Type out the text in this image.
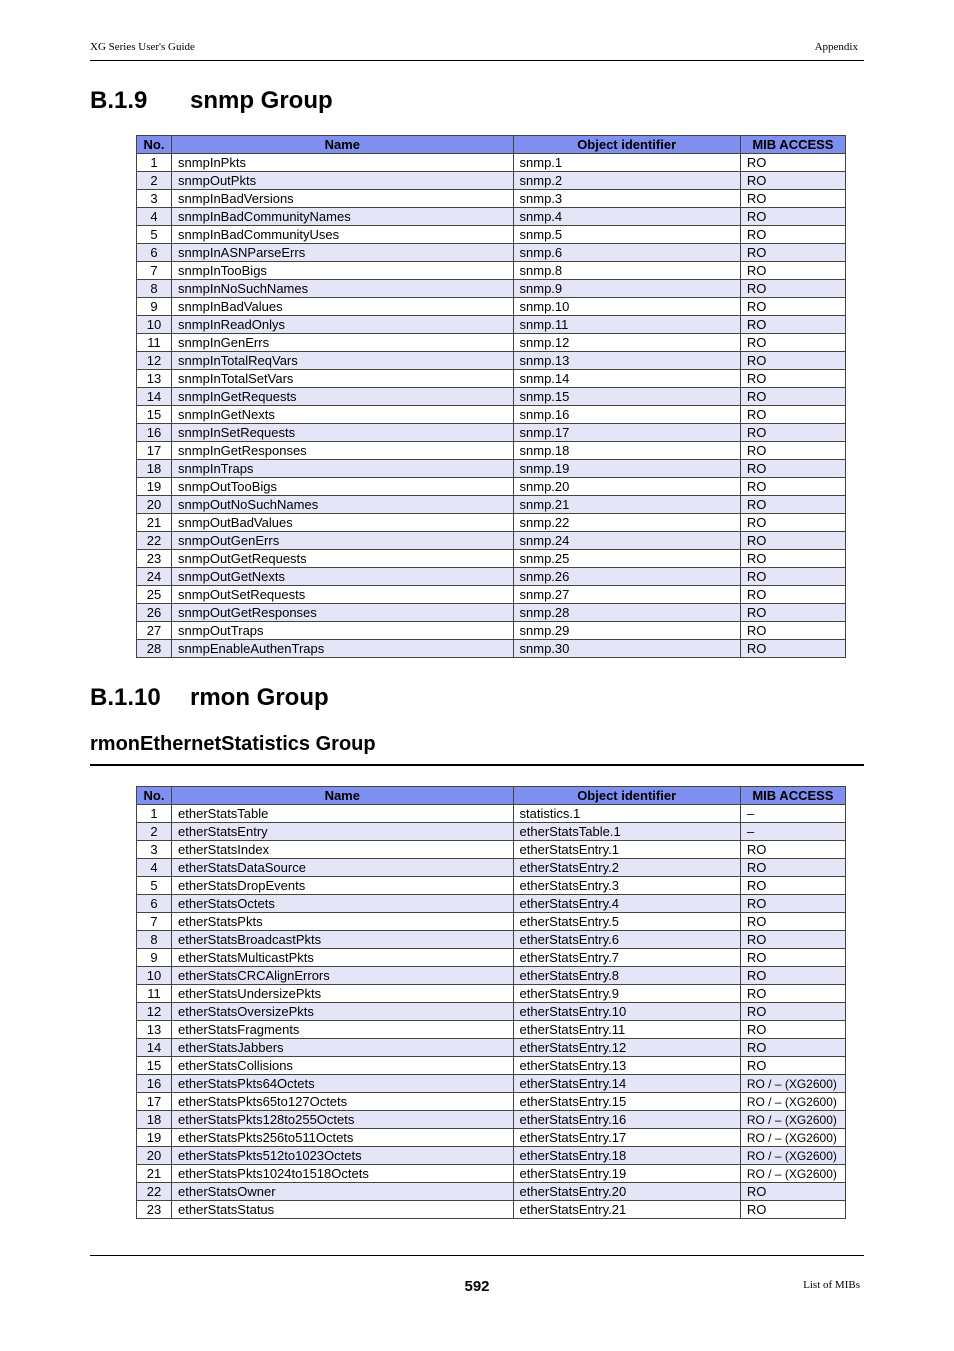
XG Series User's Guide	Appendix
B.1.9 snmp Group
No.	Name	Object identifier	MIB ACCESS
1	snmpInPkts	snmp.1	RO
2	snmpOutPkts	snmp.2	RO
3	snmpInBadVersions	snmp.3	RO
4	snmpInBadCommunityNames	snmp.4	RO
5	snmpInBadCommunityUses	snmp.5	RO
6	snmpInASNParseErrs	snmp.6	RO
7	snmpInTooBigs	snmp.8	RO
8	snmpInNoSuchNames	snmp.9	RO
9	snmpInBadValues	snmp.10	RO
10	snmpInReadOnlys	snmp.11	RO
11	snmpInGenErrs	snmp.12	RO
12	snmpInTotalReqVars	snmp.13	RO
13	snmpInTotalSetVars	snmp.14	RO
14	snmpInGetRequests	snmp.15	RO
15	snmpInGetNexts	snmp.16	RO
16	snmpInSetRequests	snmp.17	RO
17	snmpInGetResponses	snmp.18	RO
18	snmpInTraps	snmp.19	RO
19	snmpOutTooBigs	snmp.20	RO
20	snmpOutNoSuchNames	snmp.21	RO
21	snmpOutBadValues	snmp.22	RO
22	snmpOutGenErrs	snmp.24	RO
23	snmpOutGetRequests	snmp.25	RO
24	snmpOutGetNexts	snmp.26	RO
25	snmpOutSetRequests	snmp.27	RO
26	snmpOutGetResponses	snmp.28	RO
27	snmpOutTraps	snmp.29	RO
28	snmpEnableAuthenTraps	snmp.30	RO
B.1.10 rmon Group
rmonEthernetStatistics Group
No.	Name	Object identifier	MIB ACCESS
1	etherStatsTable	statistics.1	–
2	etherStatsEntry	etherStatsTable.1	–
3	etherStatsIndex	etherStatsEntry.1	RO
4	etherStatsDataSource	etherStatsEntry.2	RO
5	etherStatsDropEvents	etherStatsEntry.3	RO
6	etherStatsOctets	etherStatsEntry.4	RO
7	etherStatsPkts	etherStatsEntry.5	RO
8	etherStatsBroadcastPkts	etherStatsEntry.6	RO
9	etherStatsMulticastPkts	etherStatsEntry.7	RO
10	etherStatsCRCAlignErrors	etherStatsEntry.8	RO
11	etherStatsUndersizePkts	etherStatsEntry.9	RO
12	etherStatsOversizePkts	etherStatsEntry.10	RO
13	etherStatsFragments	etherStatsEntry.11	RO
14	etherStatsJabbers	etherStatsEntry.12	RO
15	etherStatsCollisions	etherStatsEntry.13	RO
16	etherStatsPkts64Octets	etherStatsEntry.14	RO / – (XG2600)
17	etherStatsPkts65to127Octets	etherStatsEntry.15	RO / – (XG2600)
18	etherStatsPkts128to255Octets	etherStatsEntry.16	RO / – (XG2600)
19	etherStatsPkts256to511Octets	etherStatsEntry.17	RO / – (XG2600)
20	etherStatsPkts512to1023Octets	etherStatsEntry.18	RO / – (XG2600)
21	etherStatsPkts1024to1518Octets	etherStatsEntry.19	RO / – (XG2600)
22	etherStatsOwner	etherStatsEntry.20	RO
23	etherStatsStatus	etherStatsEntry.21	RO
592	List of MIBs
